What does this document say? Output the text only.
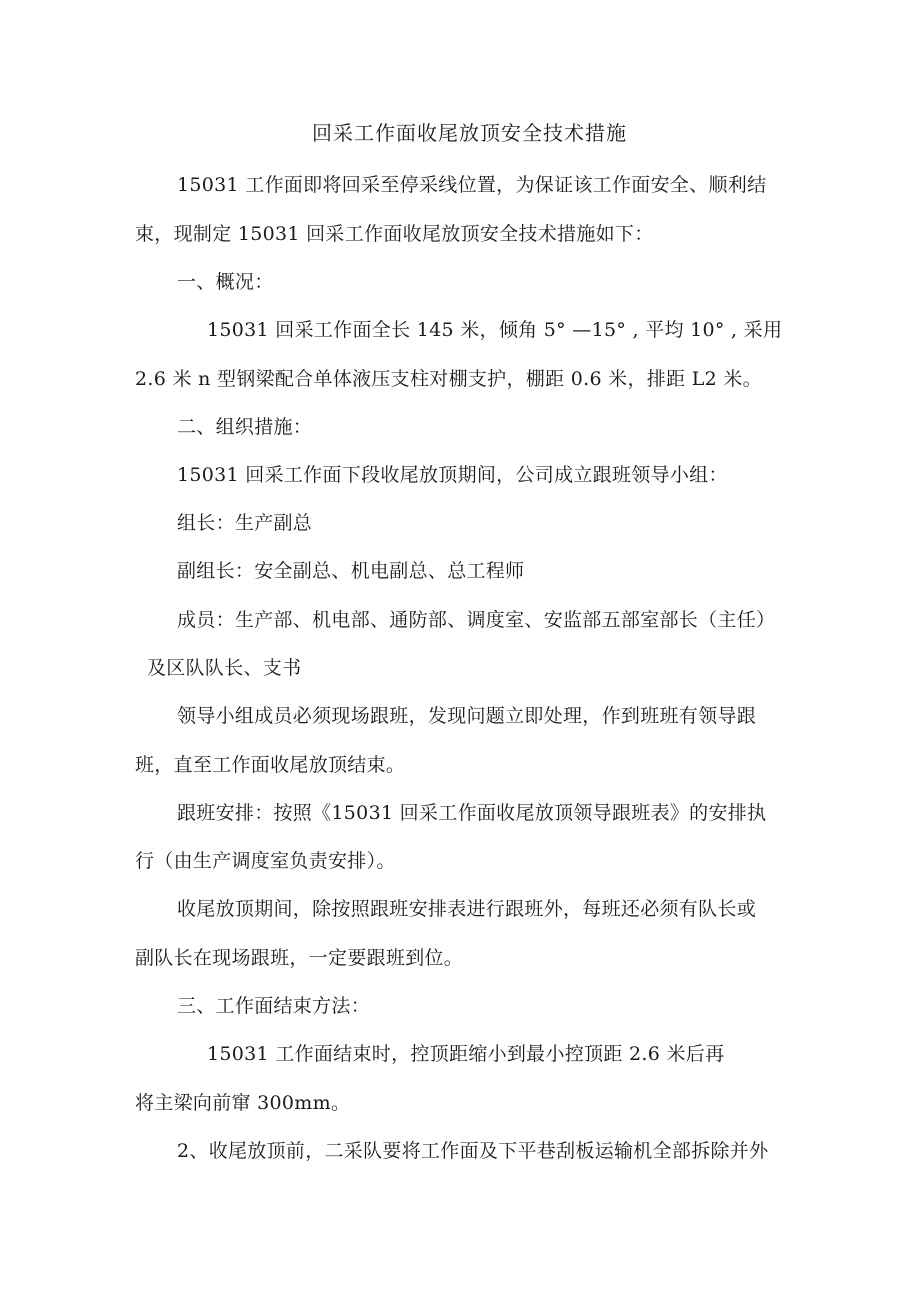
回采工作面收尾放顶安全技术措施
15031 工作面即将回采至停采线位置，为保证该工作面安全、顺利结
束，现制定 15031 回采工作面收尾放顶安全技术措施如下：
一、概况：
15031 回采工作面全长 145 米，倾角 5° —15° , 平均 10° , 采用
2.6 米 n 型钢梁配合单体液压支柱对棚支护，棚距 0.6 米，排距 L2 米。
二、组织措施：
15031 回采工作面下段收尾放顶期间，公司成立跟班领导小组：
组长：生产副总
副组长：安全副总、机电副总、总工程师
成员：生产部、机电部、通防部、调度室、安监部五部室部长（主任）
及区队队长、支书
领导小组成员必须现场跟班，发现问题立即处理，作到班班有领导跟
班，直至工作面收尾放顶结束。
跟班安排：按照《15031 回采工作面收尾放顶领导跟班表》的安排执
行（由生产调度室负责安排）。
收尾放顶期间，除按照跟班安排表进行跟班外，每班还必须有队长或
副队长在现场跟班，一定要跟班到位。
三、工作面结束方法：
15031 工作面结束时，控顶距缩小到最小控顶距 2.6 米后再
将主梁向前窜 300mm。
2、收尾放顶前，二采队要将工作面及下平巷刮板运输机全部拆除并外
